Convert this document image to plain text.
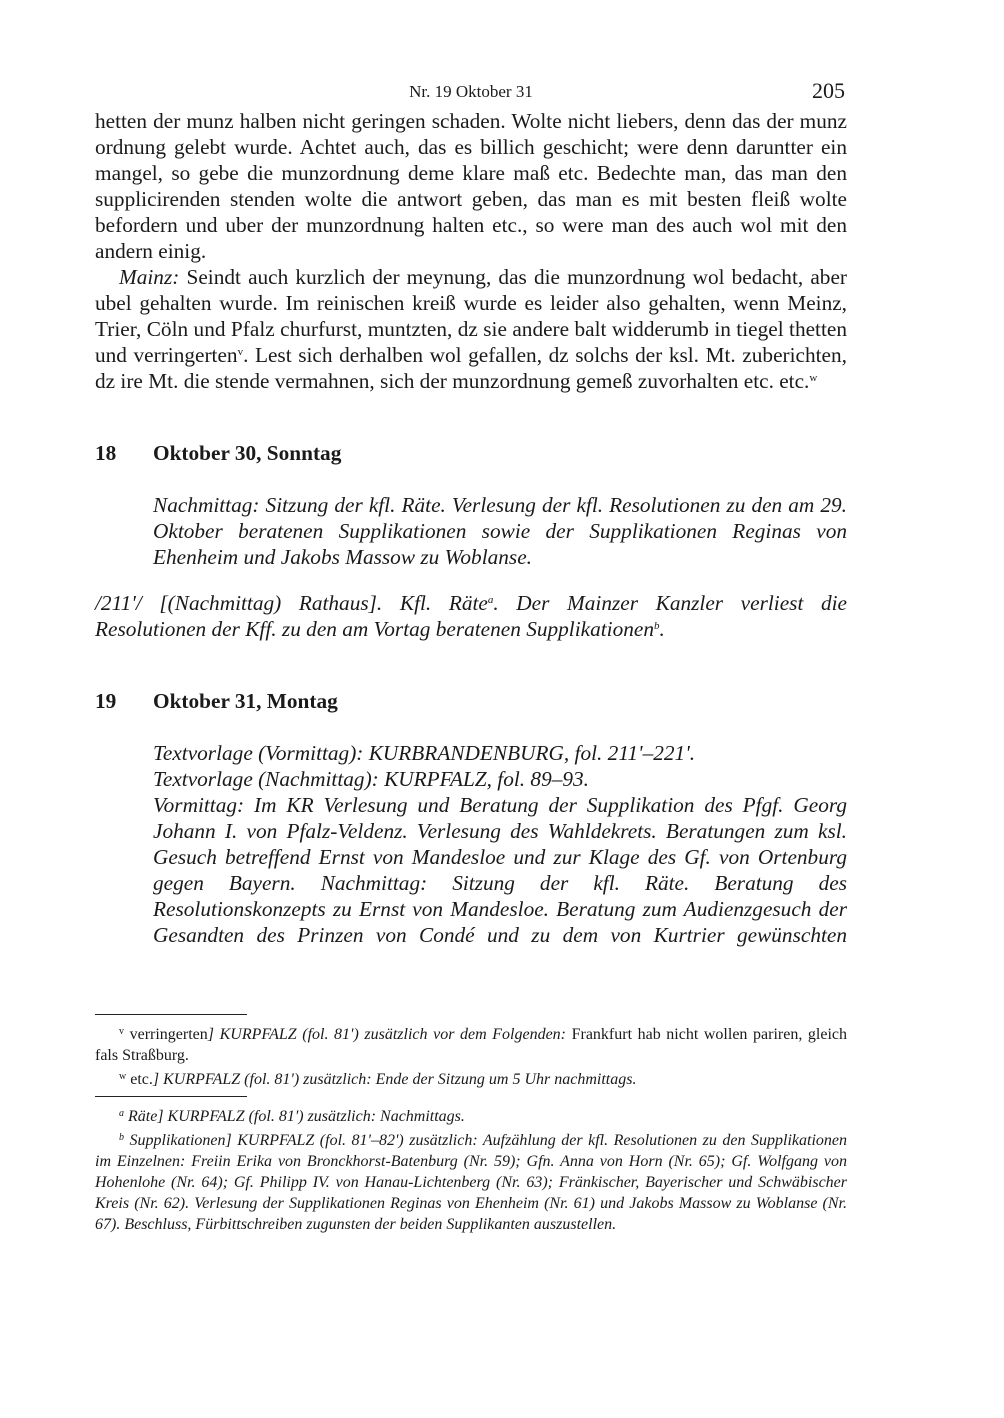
Nr. 19 Oktober 31	205

hetten der munz halben nicht geringen schaden. Wolte nicht liebers, denn das der munz ordnung gelebt wurde. Achtet auch, das es billich geschicht; were denn daruntter ein mangel, so gebe die munzordnung deme klare maß etc. Bedechte man, das man den supplicirenden stenden wolte die antwort geben, das man es mit besten fleiß wolte befordern und uber der munzordnung halten etc., so were man des auch wol mit den andern einig.

Mainz: Seindt auch kurzlich der meynung, das die munzordnung wol bedacht, aber ubel gehalten wurde. Im reinischen kreiß wurde es leider also gehalten, wenn Meinz, Trier, Cöln und Pfalz churfurst, muntzten, dz sie andere balt widderumb in tiegel thetten und verringerten$^v$. Lest sich derhalben wol gefallen, dz solchs der ksl. Mt. zuberichten, dz ire Mt. die stende vermahnen, sich der munzordnung gemeß zuvorhalten etc. etc.$^w$

18	Oktober 30, Sonntag

Nachmittag: Sitzung der kfl. Räte. Verlesung der kfl. Resolutionen zu den am 29. Oktober beratenen Supplikationen sowie der Supplikationen Reginas von Ehenheim und Jakobs Massow zu Woblanse.

/211'/ [(Nachmittag) Rathaus]. Kfl. Räte$^a$. Der Mainzer Kanzler verliest die Resolutionen der Kff. zu den am Vortag beratenen Supplikationen$^b$.

19	Oktober 31, Montag

Textvorlage (Vormittag): KURBRANDENBURG, fol. 211'–221'.

Textvorlage (Nachmittag): KURPFALZ, fol. 89–93.

Vormittag: Im KR Verlesung und Beratung der Supplikation des Pfgf. Georg Johann I. von Pfalz-Veldenz. Verlesung des Wahldekrets. Beratungen zum ksl. Gesuch betreffend Ernst von Mandesloe und zur Klage des Gf. von Ortenburg gegen Bayern. Nachmittag: Sitzung der kfl. Räte. Beratung des Resolutionskonzepts zu Ernst von Mandesloe. Beratung zum Audienzgesuch der Gesandten des Prinzen von Condé und zu dem von Kurtrier gewünschten

$^v$ verringerten] KURPFALZ (fol. 81') zusätzlich vor dem Folgenden: Frankfurt hab nicht wollen pariren, gleich fals Straßburg.

$^w$ etc.] KURPFALZ (fol. 81') zusätzlich: Ende der Sitzung um 5 Uhr nachmittags.

$^a$ Räte] KURPFALZ (fol. 81') zusätzlich: Nachmittags.

$^b$ Supplikationen] KURPFALZ (fol. 81'–82') zusätzlich: Aufzählung der kfl. Resolutionen zu den Supplikationen im Einzelnen: Freiin Erika von Bronckhorst-Batenburg (Nr. 59); Gfn. Anna von Horn (Nr. 65); Gf. Wolfgang von Hohenlohe (Nr. 64); Gf. Philipp IV. von Hanau-Lichtenberg (Nr. 63); Fränkischer, Bayerischer und Schwäbischer Kreis (Nr. 62). Verlesung der Supplikationen Reginas von Ehenheim (Nr. 61) und Jakobs Massow zu Woblanse (Nr. 67). Beschluss, Fürbittschreiben zugunsten der beiden Supplikanten auszustellen.
